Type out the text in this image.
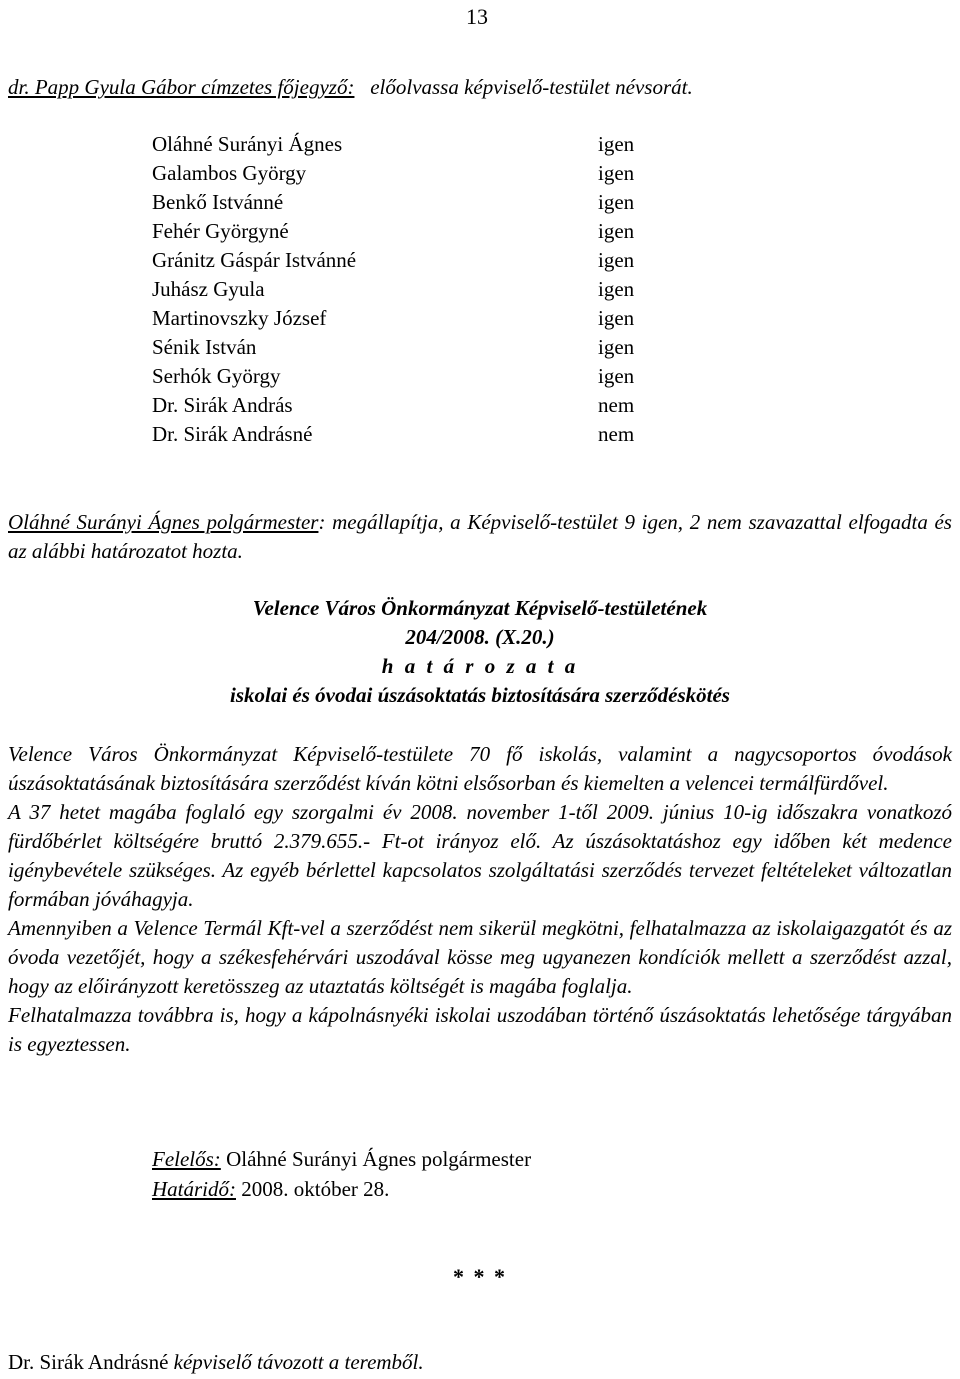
13
dr. Papp Gyula Gábor címzetes főjegyző: előolvassa képviselő-testület névsorát.
Oláhné Surányi Ágnes	igen
Galambos György	igen
Benkő Istvánné	igen
Fehér Györgyné	igen
Gránitz Gáspár Istvánné	igen
Juhász Gyula	igen
Martinovszky József	igen
Sénik István	igen
Serhók György	igen
Dr. Sirák András	nem
Dr. Sirák Andrásné	nem
Oláhné Surányi Ágnes polgármester: megállapítja, a Képviselő-testület 9 igen, 2 nem szavazattal elfogadta és az alábbi határozatot hozta.
Velence Város Önkormányzat Képviselő-testületének
204/2008. (X.20.)
h a t á r o z a t a
iskolai és óvodai úszásoktatás biztosítására szerződéskötés

Velence Város Önkormányzat Képviselő-testülete 70 fő iskolás, valamint a nagycsoportos óvodások úszásoktatásának biztosítására szerződést kíván kötni elsősorban és kiemelten a velencei termálfürdővel.

A 37 hetet magába foglaló egy szorgalmi év 2008. november 1-től 2009. június 10-ig időszakra vonatkozó fürdőbérlet költségére bruttó 2.379.655.- Ft-ot irányoz elő. Az úszásoktatáshoz egy időben két medence igénybevétele szükséges. Az egyéb bérlettel kapcsolatos szolgáltatási szerződés tervezet feltételeket változatlan formában jóváhagyja.

Amennyiben a Velence Termál Kft-vel a szerződést nem sikerül megkötni, felhatalmazza az iskolaigazgatót és az óvoda vezetőjét, hogy a székesfehérvári uszodával kösse meg ugyanezen kondíciók mellett a szerződést azzal, hogy az előirányzott keretösszeg az utaztatás költségét is magába foglalja.

Felhatalmazza továbbra is, hogy a kápolnásnyéki iskolai uszodában történő úszásoktatás lehetősége tárgyában is egyeztessen.

Felelős: Oláhné Surányi Ágnes polgármester
Határidő: 2008. október 28.
* * *
Dr. Sirák Andrásné képviselő távozott a teremből.
